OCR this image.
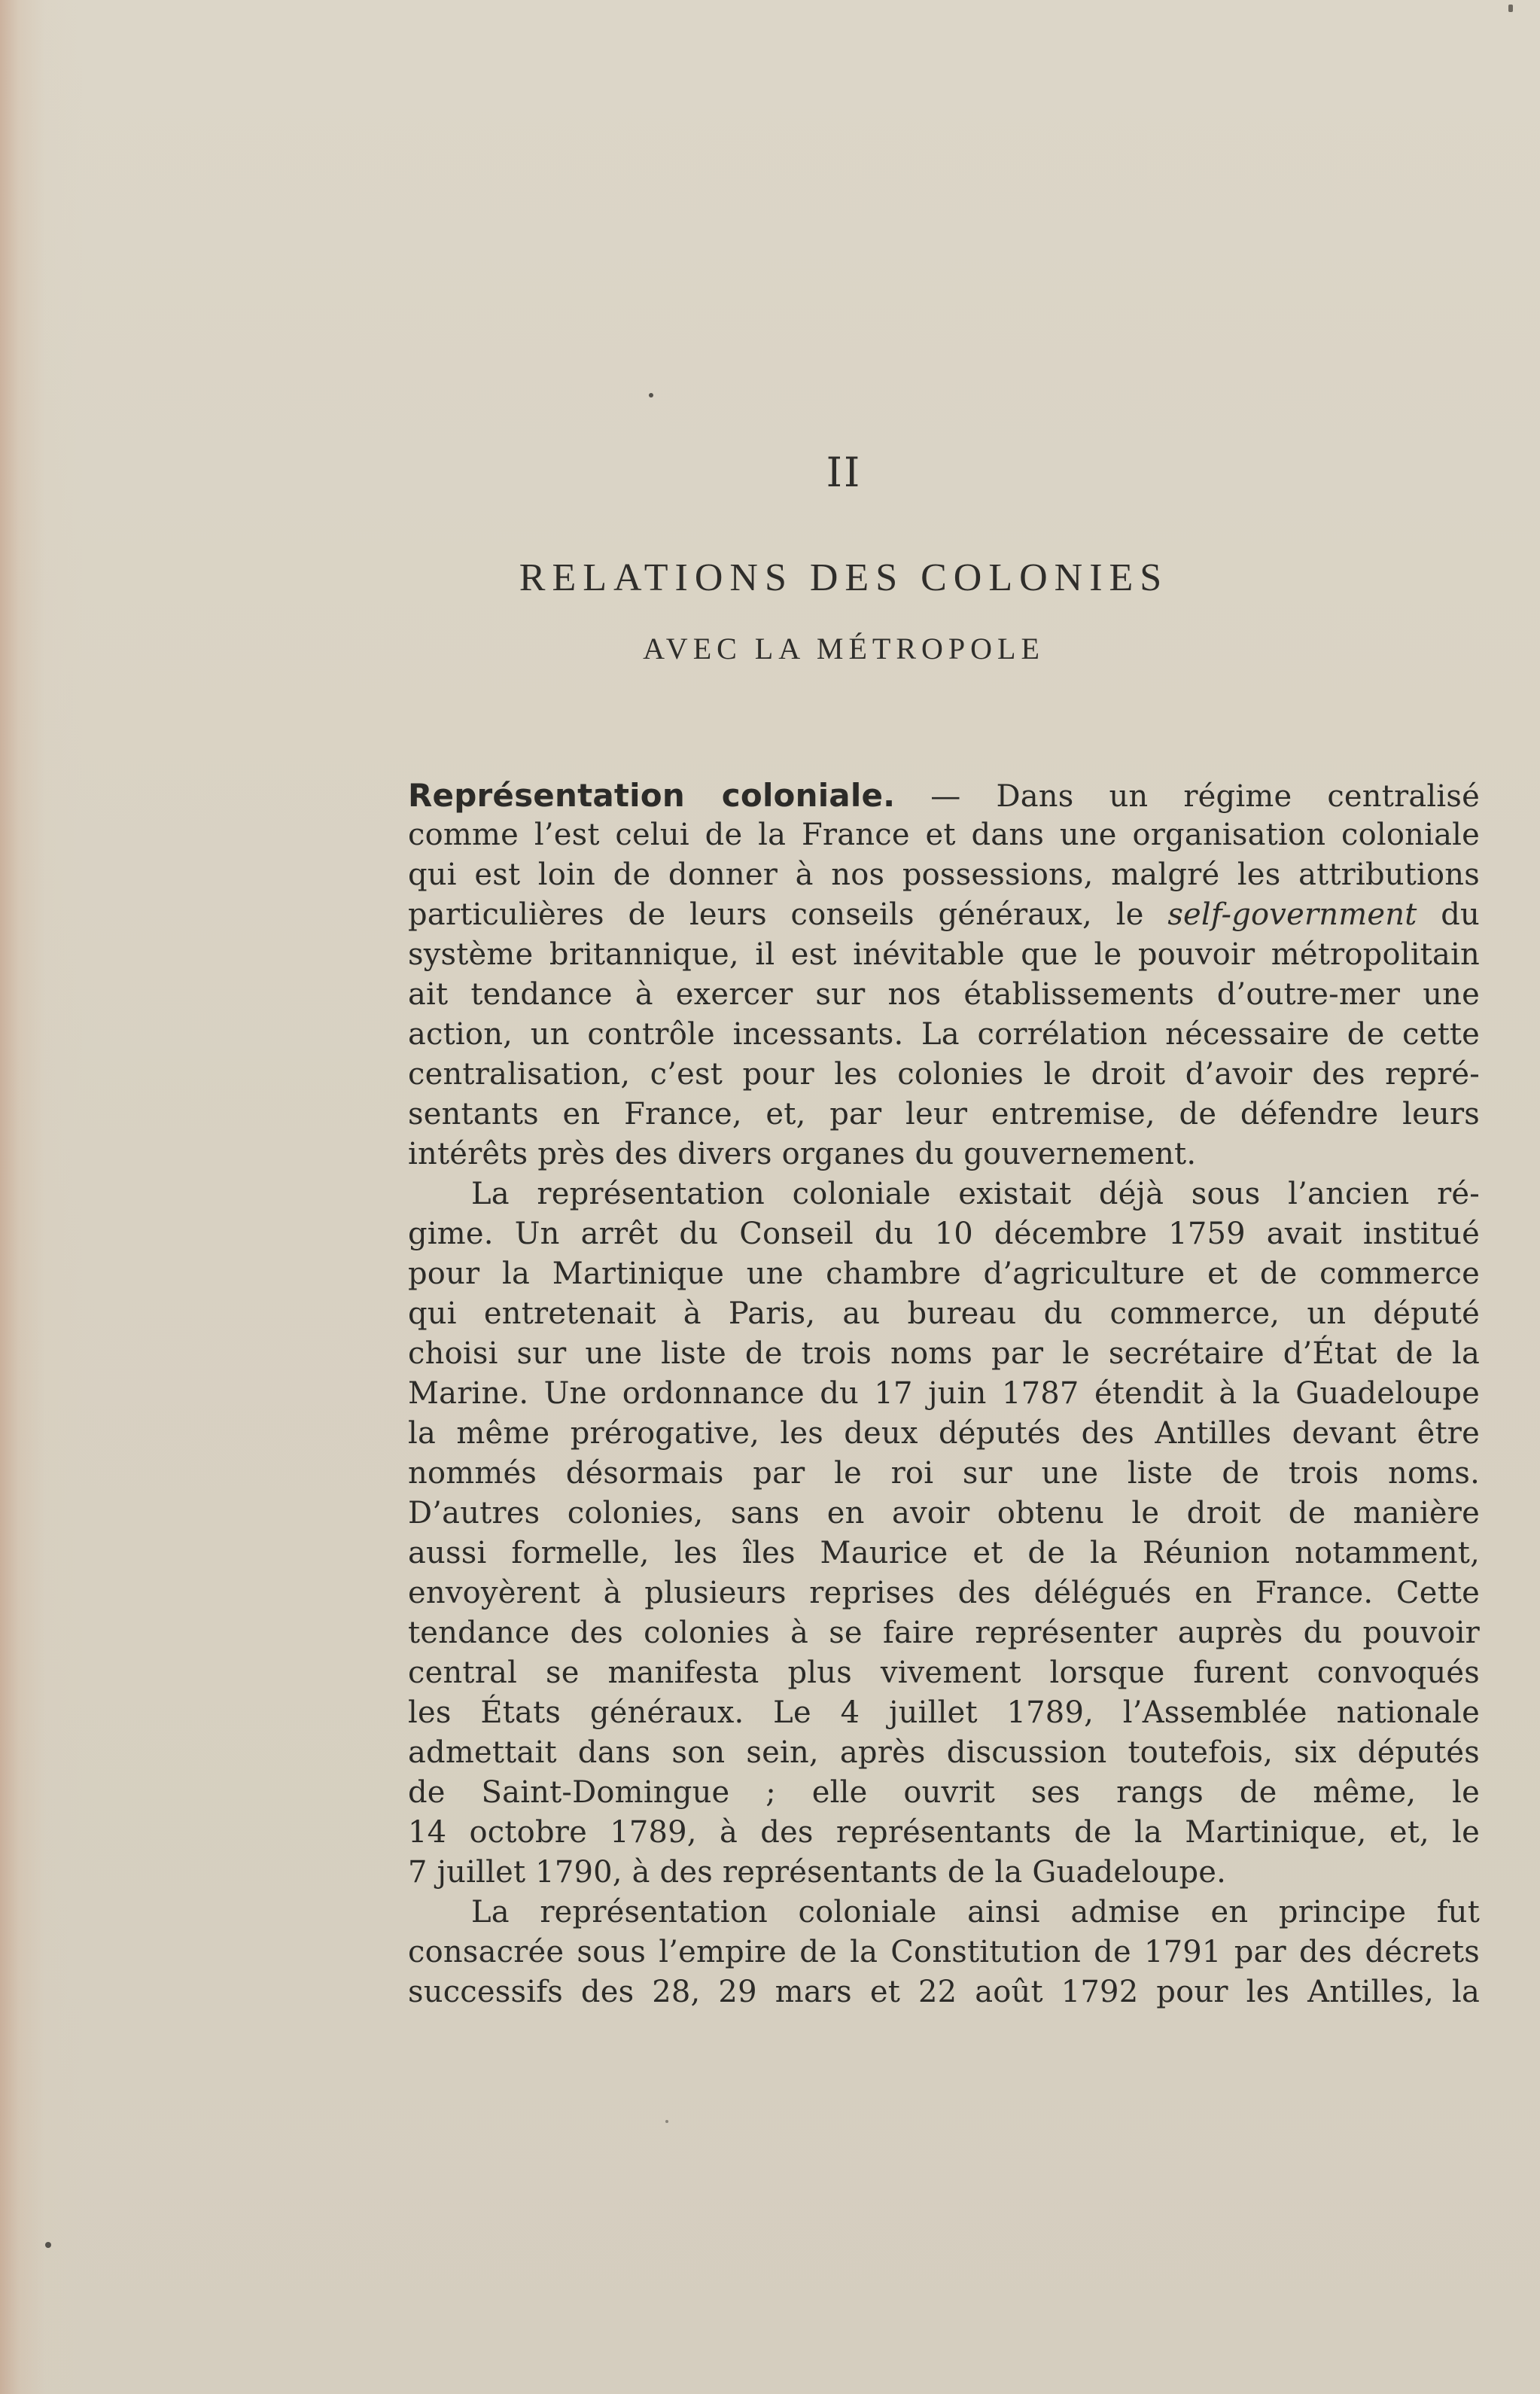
II
RELATIONS DES COLONIES
AVEC LA MÉTROPOLE
Représentation coloniale. — Dans un régime centralisé
comme l’est celui de la France et dans une organisation coloniale
qui est loin de donner à nos possessions, malgré les attributions
particulières de leurs conseils généraux, le self-government du
système britannique, il est inévitable que le pouvoir métropolitain
ait tendance à exercer sur nos établissements d’outre-mer une
action, un contrôle incessants. La corrélation nécessaire de cette
centralisation, c’est pour les colonies le droit d’avoir des repré-
sentants en France, et, par leur entremise, de défendre leurs
intérêts près des divers organes du gouvernement.
La représentation coloniale existait déjà sous l’ancien ré-
gime. Un arrêt du Conseil du 10 décembre 1759 avait institué
pour la Martinique une chambre d’agriculture et de commerce
qui entretenait à Paris, au bureau du commerce, un député
choisi sur une liste de trois noms par le secrétaire d’État de la
Marine. Une ordonnance du 17 juin 1787 étendit à la Guadeloupe
la même prérogative, les deux députés des Antilles devant être
nommés désormais par le roi sur une liste de trois noms.
D’autres colonies, sans en avoir obtenu le droit de manière
aussi formelle, les îles Maurice et de la Réunion notamment,
envoyèrent à plusieurs reprises des délégués en France. Cette
tendance des colonies à se faire représenter auprès du pouvoir
central se manifesta plus vivement lorsque furent convoqués
les États généraux. Le 4 juillet 1789, l’Assemblée nationale
admettait dans son sein, après discussion toutefois, six députés
de Saint-Domingue ; elle ouvrit ses rangs de même, le
14 octobre 1789, à des représentants de la Martinique, et, le
7 juillet 1790, à des représentants de la Guadeloupe.
La représentation coloniale ainsi admise en principe fut
consacrée sous l’empire de la Constitution de 1791 par des décrets
successifs des 28, 29 mars et 22 août 1792 pour les Antilles, la
